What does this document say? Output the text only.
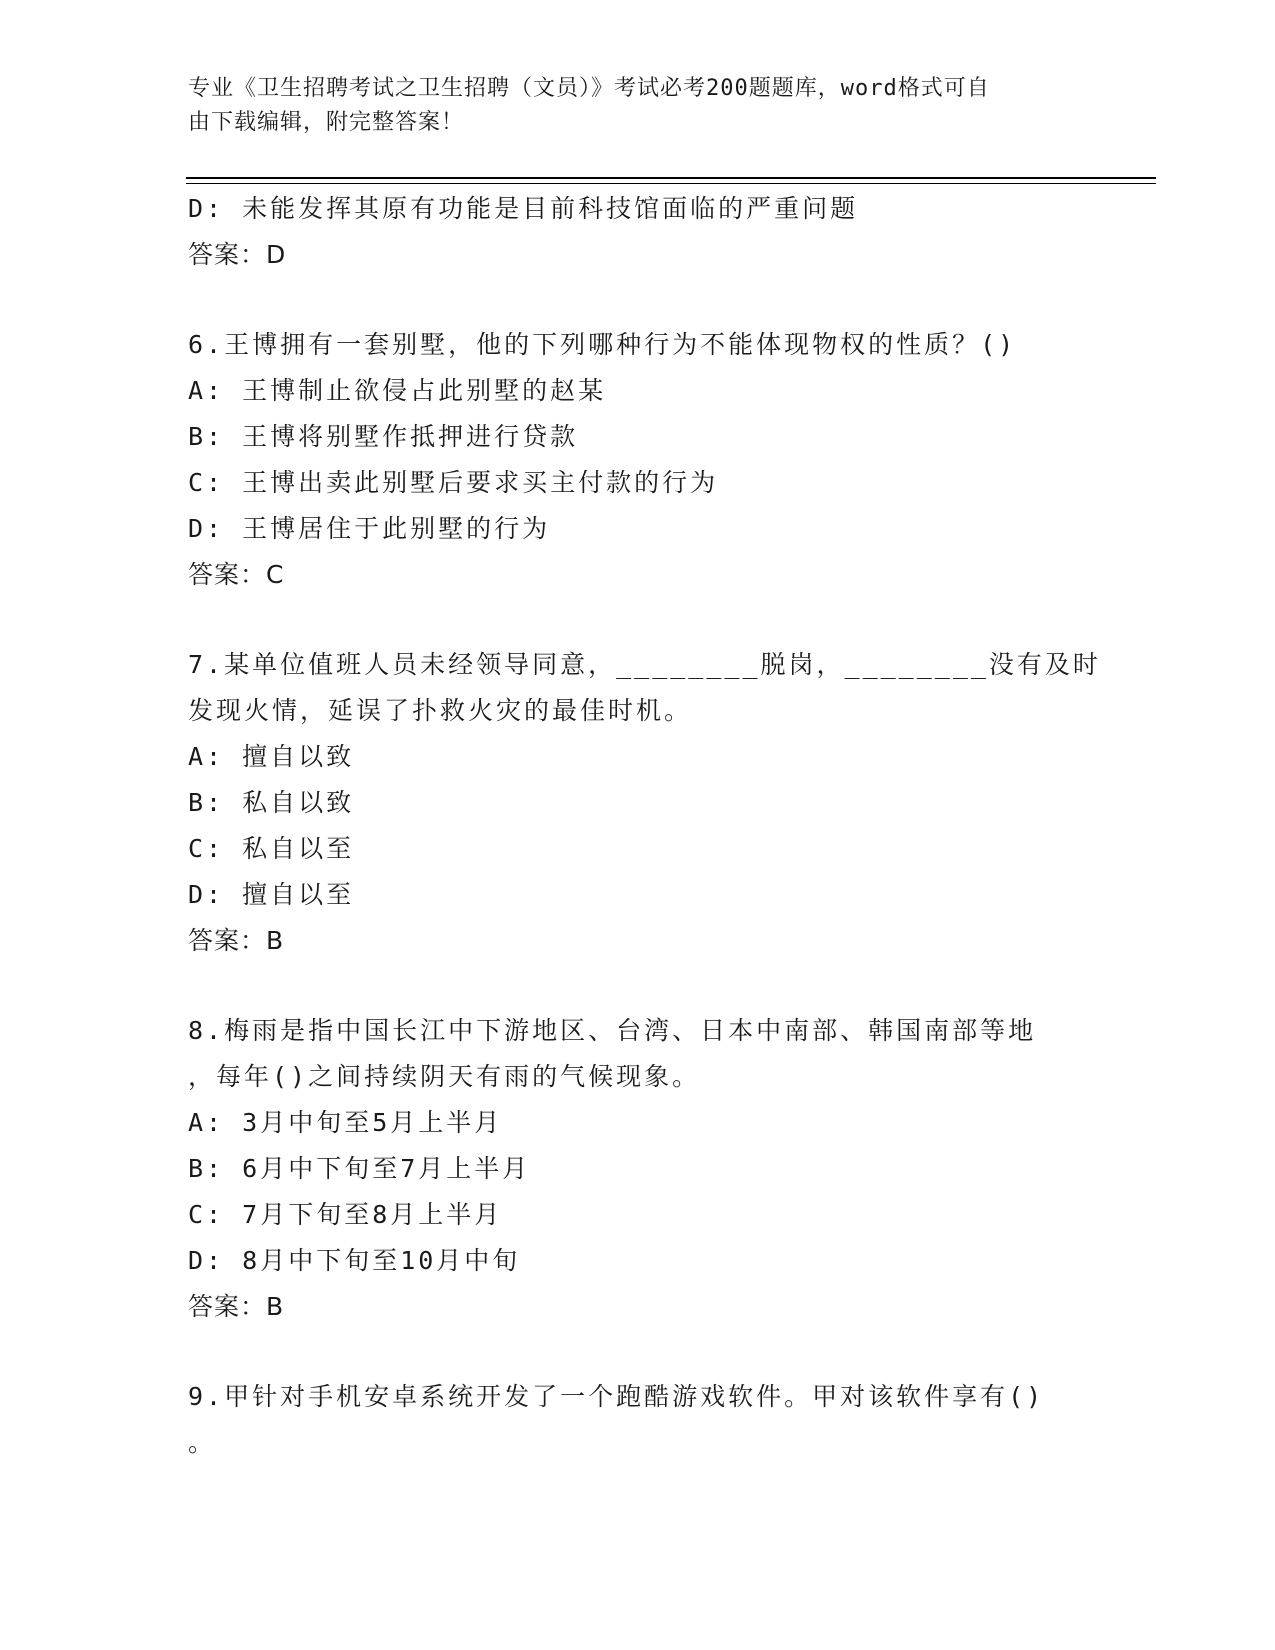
专业《卫生招聘考试之卫生招聘（文员）》考试必考200题题库，word格式可自
由下载编辑，附完整答案！
D: 未能发挥其原有功能是目前科技馆面临的严重问题
答案：D
6.王博拥有一套别墅，他的下列哪种行为不能体现物权的性质？()
A: 王博制止欲侵占此别墅的赵某
B: 王博将别墅作抵押进行贷款
C: 王博出卖此别墅后要求买主付款的行为
D: 王博居住于此别墅的行为
答案：C
7.某单位值班人员未经领导同意，________脱岗，________没有及时
发现火情，延误了扑救火灾的最佳时机。
A: 擅自以致
B: 私自以致
C: 私自以至
D: 擅自以至
答案：B
8.梅雨是指中国长江中下游地区、台湾、日本中南部、韩国南部等地
，每年()之间持续阴天有雨的气候现象。
A: 3月中旬至5月上半月
B: 6月中下旬至7月上半月
C: 7月下旬至8月上半月
D: 8月中下旬至10月中旬
答案：B
9.甲针对手机安卓系统开发了一个跑酷游戏软件。甲对该软件享有()
。
